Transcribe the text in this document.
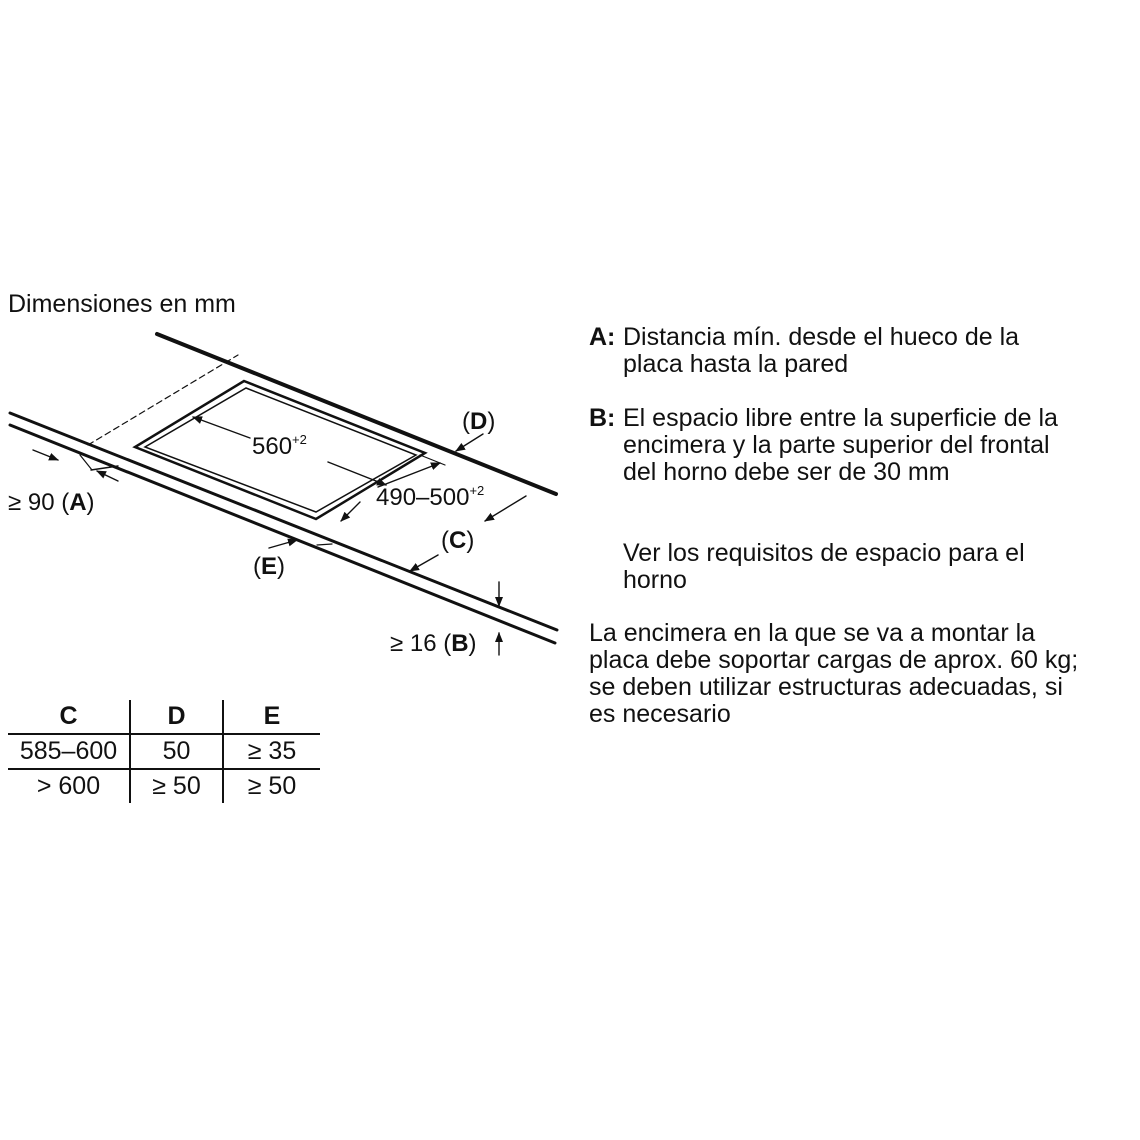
Dimensiones en mm
$560^{+2}$
$490-500^{+2}$
(D)
(C)
(E)
≥ 90 (A)
≥ 16 (B)
A: Distancia mín. desde el hueco de la
placa hasta la pared
B: El espacio libre entre la superficie de la
encimera y la parte superior del frontal
del horno debe ser de 30 mm
Ver los requisitos de espacio para el
horno
La encimera en la que se va a montar la
placa debe soportar cargas de aprox. 60 kg;
se deben utilizar estructuras adecuadas, si
es necesario
C	D	E
585–600	50	≥ 35
> 600	≥ 50	≥ 50
